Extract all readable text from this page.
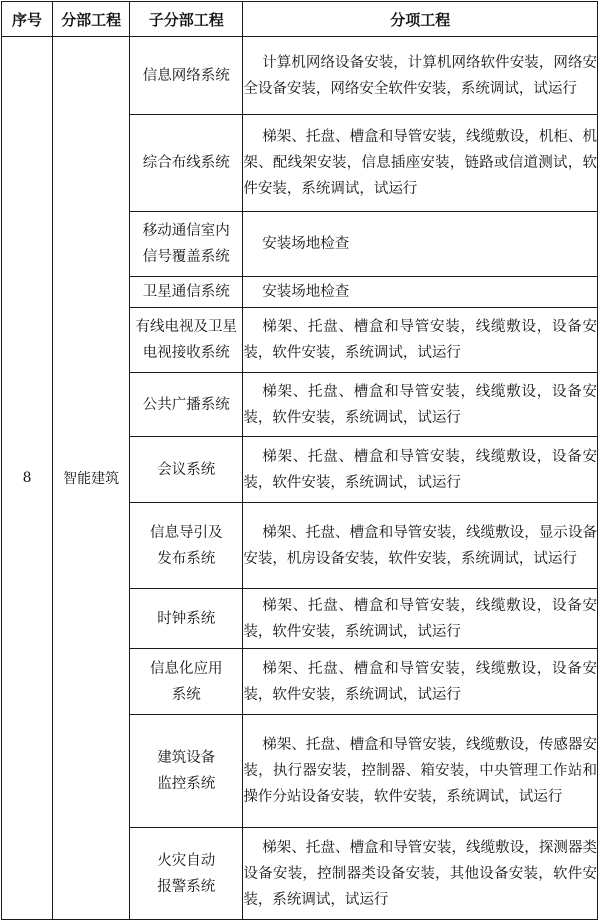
序号	分部工程	子分部工程	分项工程
8	智能建筑	信息网络系统	计算机网络设备安装，计算机网络软件安装，网络安全设备安装，网络安全软件安装，系统调试，试运行

		综合布线系统	梯架、托盘、槽盒和导管安装，线缆敷设，机柜、机架、配线架安装，信息插座安装，链路或信道测试，软件安装，系统调试，试运行

		移动通信室内
信号覆盖系统	安装场地检查

		卫星通信系统	安装场地检查

		有线电视及卫星
电视接收系统	梯架、托盘、槽盒和导管安装，线缆敷设，设备安装，软件安装，系统调试，试运行

		公共广播系统	梯架、托盘、槽盒和导管安装，线缆敷设，设备安装，软件安装，系统调试，试运行

		会议系统	梯架、托盘、槽盒和导管安装，线缆敷设，设备安装，软件安装，系统调试，试运行

		信息导引及
发布系统	梯架、托盘、槽盒和导管安装，线缆敷设，显示设备安装，机房设备安装，软件安装，系统调试，试运行

		时钟系统	梯架、托盘、槽盒和导管安装，线缆敷设，设备安装，软件安装，系统调试，试运行

		信息化应用
系统	梯架、托盘、槽盒和导管安装，线缆敷设，设备安装，软件安装，系统调试，试运行

		建筑设备
监控系统	梯架、托盘、槽盒和导管安装，线缆敷设，传感器安装，执行器安装，控制器、箱安装，中央管理工作站和操作分站设备安装，软件安装，系统调试，试运行

		火灾自动
报警系统	梯架、托盘、槽盒和导管安装，线缆敷设，探测器类设备安装，控制器类设备安装，其他设备安装，软件安装，系统调试，试运行
